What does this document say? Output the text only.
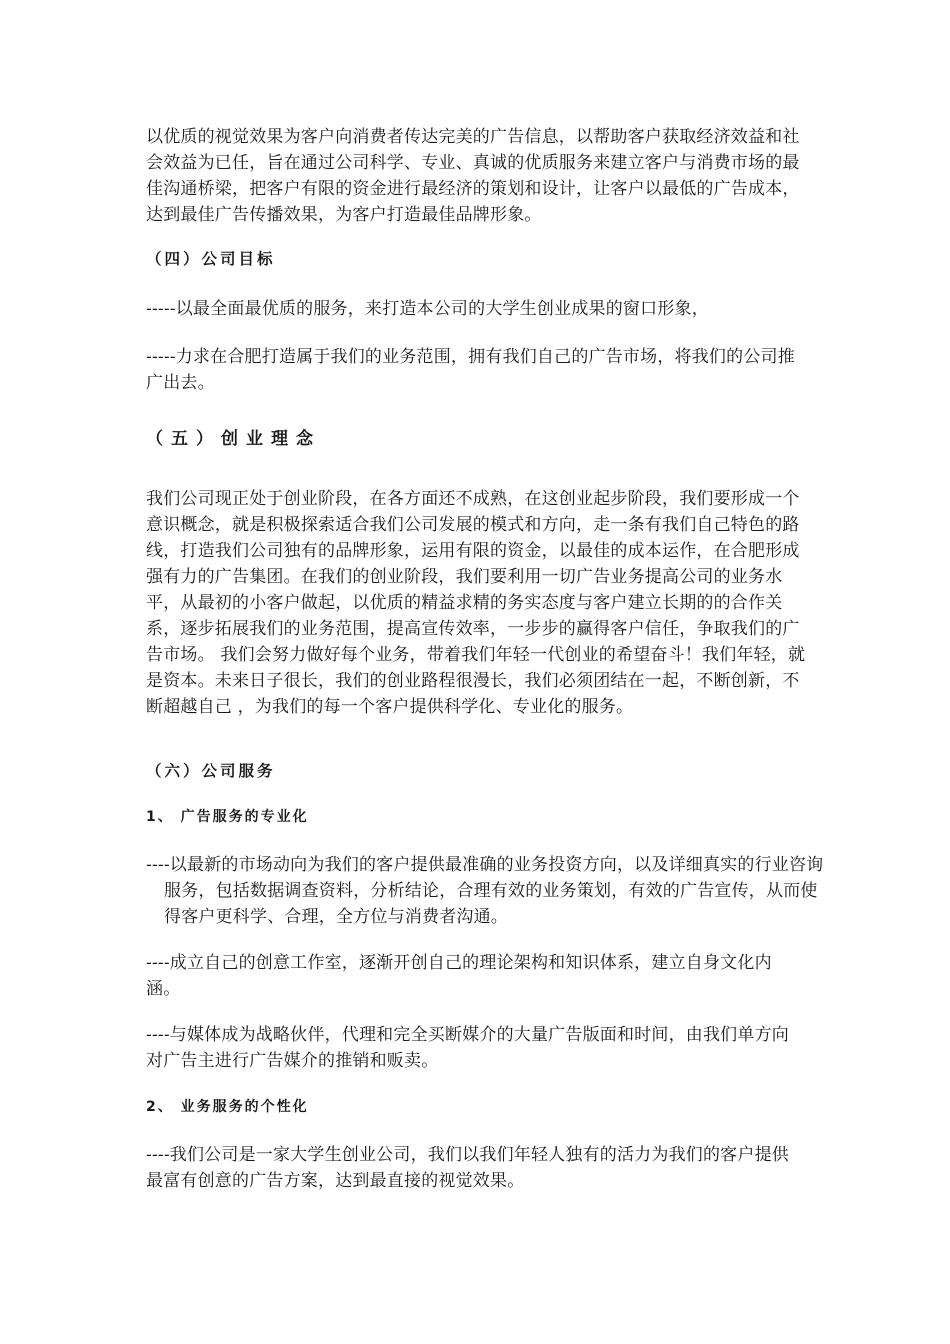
以优质的视觉效果为客户向消费者传达完美的广告信息，以帮助客户获取经济效益和社会效益为已任，旨在通过公司科学、专业、真诚的优质服务来建立客户与消费市场的最佳沟通桥梁，把客户有限的资金进行最经济的策划和设计，让客户以最低的广告成本，达到最佳广告传播效果，为客户打造最佳品牌形象。

（四）公司目标

-----以最全面最优质的服务，来打造本公司的大学生创业成果的窗口形象，

-----力求在合肥打造属于我们的业务范围，拥有我们自己的广告市场，将我们的公司推广出去。

（五）创业理念

我们公司现正处于创业阶段，在各方面还不成熟，在这创业起步阶段，我们要形成一个意识概念，就是积极探索适合我们公司发展的模式和方向，走一条有我们自己特色的路线，打造我们公司独有的品牌形象，运用有限的资金，以最佳的成本运作，在合肥形成强有力的广告集团。在我们的创业阶段，我们要利用一切广告业务提高公司的业务水平，从最初的小客户做起，以优质的精益求精的务实态度与客户建立长期的的合作关系，逐步拓展我们的业务范围，提高宣传效率，一步步的赢得客户信任，争取我们的广告市场。 我们会努力做好每个业务，带着我们年轻一代创业的希望奋斗！我们年轻，就是资本。未来日子很长，我们的创业路程很漫长，我们必须团结在一起，不断创新，不断超越自己 ，为我们的每一个客户提供科学化、专业化的服务。

（六）公司服务
1、 广告服务的专业化

----以最新的市场动向为我们的客户提供最准确的业务投资方向，以及详细真实的行业咨询服务，包括数据调查资料，分析结论，合理有效的业务策划，有效的广告宣传，从而使得客户更科学、合理，全方位与消费者沟通。

----成立自己的创意工作室，逐渐开创自己的理论架构和知识体系，建立自身文化内涵。

----与媒体成为战略伙伴，代理和完全买断媒介的大量广告版面和时间，由我们单方向对广告主进行广告媒介的推销和贩卖。

2、 业务服务的个性化

----我们公司是一家大学生创业公司，我们以我们年轻人独有的活力为我们的客户提供最富有创意的广告方案，达到最直接的视觉效果。
